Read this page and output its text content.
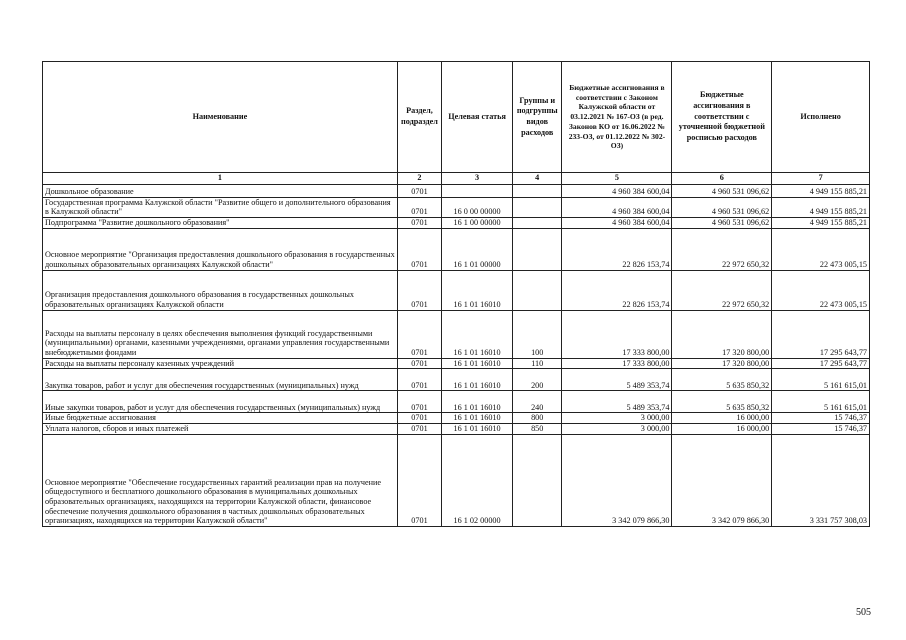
Наименование	Раздел, подраздел	Целевая статья	Группы и подгруппы видов расходов	Бюджетные ассигнования в соответствии с Законом Калужской области от 03.12.2021 № 167-ОЗ (в ред. Законов КО от 16.06.2022 № 233-ОЗ, от 01.12.2022 № 302-ОЗ)	Бюджетные ассигнования в соответствии с уточненной бюджетной росписью расходов	Исполнено
1	2	3	4	5	6	7
Дошкольное образование	0701			4 960 384 600,04	4 960 531 096,62	4 949 155 885,21
Государственная программа Калужской области "Развитие общего и дополнительного образования в Калужской области"	0701	16 0 00 00000		4 960 384 600,04	4 960 531 096,62	4 949 155 885,21
Подпрограмма "Развитие дошкольного образования"	0701	16 1 00 00000		4 960 384 600,04	4 960 531 096,62	4 949 155 885,21
Основное мероприятие "Организация предоставления дошкольного образования в государственных дошкольных образовательных организациях Калужской области"	0701	16 1 01 00000		22 826 153,74	22 972 650,32	22 473 005,15
Организация предоставления дошкольного образования в государственных дошкольных образовательных организациях Калужской области	0701	16 1 01 16010		22 826 153,74	22 972 650,32	22 473 005,15
Расходы на выплаты персоналу в целях обеспечения выполнения функций государственными (муниципальными) органами, казенными учреждениями, органами управления государственными внебюджетными фондами	0701	16 1 01 16010	100	17 333 800,00	17 320 800,00	17 295 643,77
Расходы на выплаты персоналу казенных учреждений	0701	16 1 01 16010	110	17 333 800,00	17 320 800,00	17 295 643,77
Закупка товаров, работ и услуг для обеспечения государственных (муниципальных) нужд	0701	16 1 01 16010	200	5 489 353,74	5 635 850,32	5 161 615,01
Иные закупки товаров, работ и услуг для обеспечения государственных (муниципальных) нужд	0701	16 1 01 16010	240	5 489 353,74	5 635 850,32	5 161 615,01
Иные бюджетные ассигнования	0701	16 1 01 16010	800	3 000,00	16 000,00	15 746,37
Уплата налогов, сборов и иных платежей	0701	16 1 01 16010	850	3 000,00	16 000,00	15 746,37
Основное мероприятие "Обеспечение государственных гарантий реализации прав на получение общедоступного и бесплатного дошкольного образования в муниципальных дошкольных образовательных организациях, находящихся на территории Калужской области, финансовое обеспечение получения дошкольного образования в частных дошкольных образовательных организациях, находящихся на территории Калужской области"	0701	16 1 02 00000		3 342 079 866,30	3 342 079 866,30	3 331 757 308,03
505
